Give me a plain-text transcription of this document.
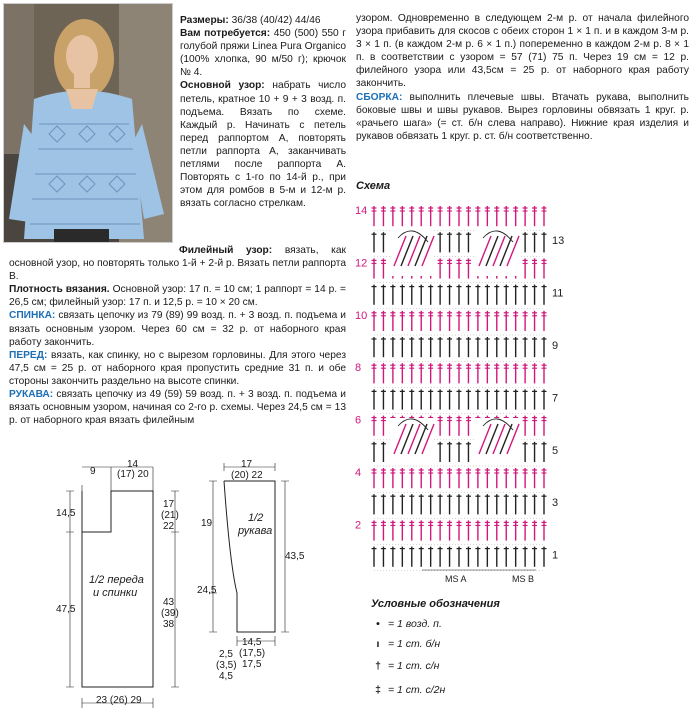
Размеры: 36/38 (40/42) 44/46

Вам потребуется: 450 (500) 550 г голубой пряжи Linea Pura Organico (100% хлопка, 90 м/50 г); крючок № 4.

Основной узор: набрать число петель, кратное 10 + 9 + 3 возд. п. подъема. Вязать по схеме. Каждый р. Начинать с петель перед раппортом А, повторять петли раппорта А, заканчивать петлями после раппорта А. Повторять с 1-го по 14-й р., при этом для ромбов в 5-м и 12-м р. вязать согласно стрелкам.

Филейный узор: вязать, как основной узор, но повторять только 1-й + 2-й р. Вязать петли раппорта В.

Плотность вязания. Основной узор: 17 п. = 10 см; 1 раппорт = 14 р. = 26,5 см; филейный узор: 17 п. и 12,5 р. = 10 × 20 см.

СПИНКА: связать цепочку из 79 (89) 99 возд. п. + 3 возд. п. подъема и вязать основным узором. Через 60 см = 32 р. от наборного края работу закончить.

ПЕРЕД: вязать, как спинку, но с вырезом горловины. Для этого через 47,5 см = 25 р. от наборного края пропустить средние 31 п. и обе стороны закончить раздельно на высоте спинки.

РУКАВА: связать цепочку из 49 (59) 59 возд. п. + 3 возд. п. подъема и вязать основным узором, начиная со 2-го р. схемы. Через 24,5 см = 13 р. от наборного края вязать филейным

узором. Одновременно в следующем 2-м р. от начала филейного узора прибавить для скосов с обеих сторон 1 × 1 п. и в каждом 3-м р. 3 × 1 п. (в каждом 2-м р. 6 × 1 п.) попеременно в каждом 2-м р. 8 × 1 п. в соответствии с узором = 57 (71) 75 п. Через 19 см = 12 р. филейного узора или 43,5см = 25 р. от наборного края работу закончить.

СБОРКА: выполнить плечевые швы. Втачать рукава, выполнить боковые швы и швы рукавов. Вырез горловины обвязать 1 круг. р. «рачьего шага» (= ст. б/н слева направо). Нижние края изделия и рукавов обвязать 1 круг. р. ст. б/н соответственно.

Схема
14
12
10
8
6
4
2
13
11
9
7
5
3
1
MS A	MS B
Условные обозначения
• = 1 возд. п.
ı = 1 ст. б/н
† = 1 ст. с/н
‡ = 1 ст. с/2н
9
14
(17) 20
17
(21)
22
14,5
47,5
1/2 переда
и спинки
43
(39)
38
23 (26) 29
17
(20) 22
19
24,5
1/2
рукава
43,5
14,5
(17,5)
17,5
2,5
(3,5)
4,5
